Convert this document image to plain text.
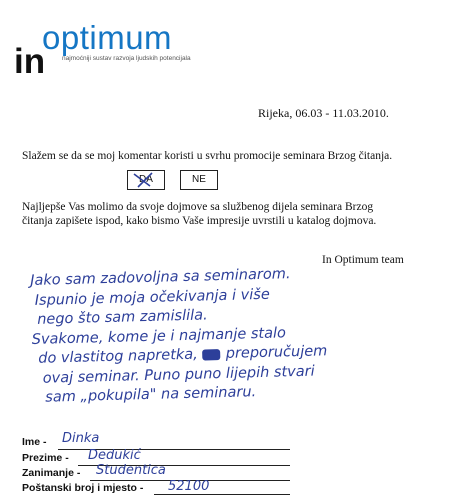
optimum
in	najmoćniji sustav razvoja ljudskih potencijala
Rijeka, 06.03 - 11.03.2010.
Slažem se da se moj komentar koristi u svrhu promocije seminara Brzog čitanja.
DA	NE
Najljepše Vas molimo da svoje dojmove sa službenog dijela seminara Brzog čitanja zapišete ispod, kako bismo Vaše impresije uvrstili u katalog dojmova.
In Optimum team
Jako sam zadovoljna sa seminarom.
Ispunio je moja očekivanja i više
nego što sam zamislila.
Svakome, kome je i najmanje stalo
do vlastitog napretka, preporučujem
ovaj seminar. Puno puno lijepih stvari
sam „pokupila" na seminaru.
Ime - Dinka
Prezime - Dedukić
Zanimanje - Studentica
Poštanski broj i mjesto - 52100
